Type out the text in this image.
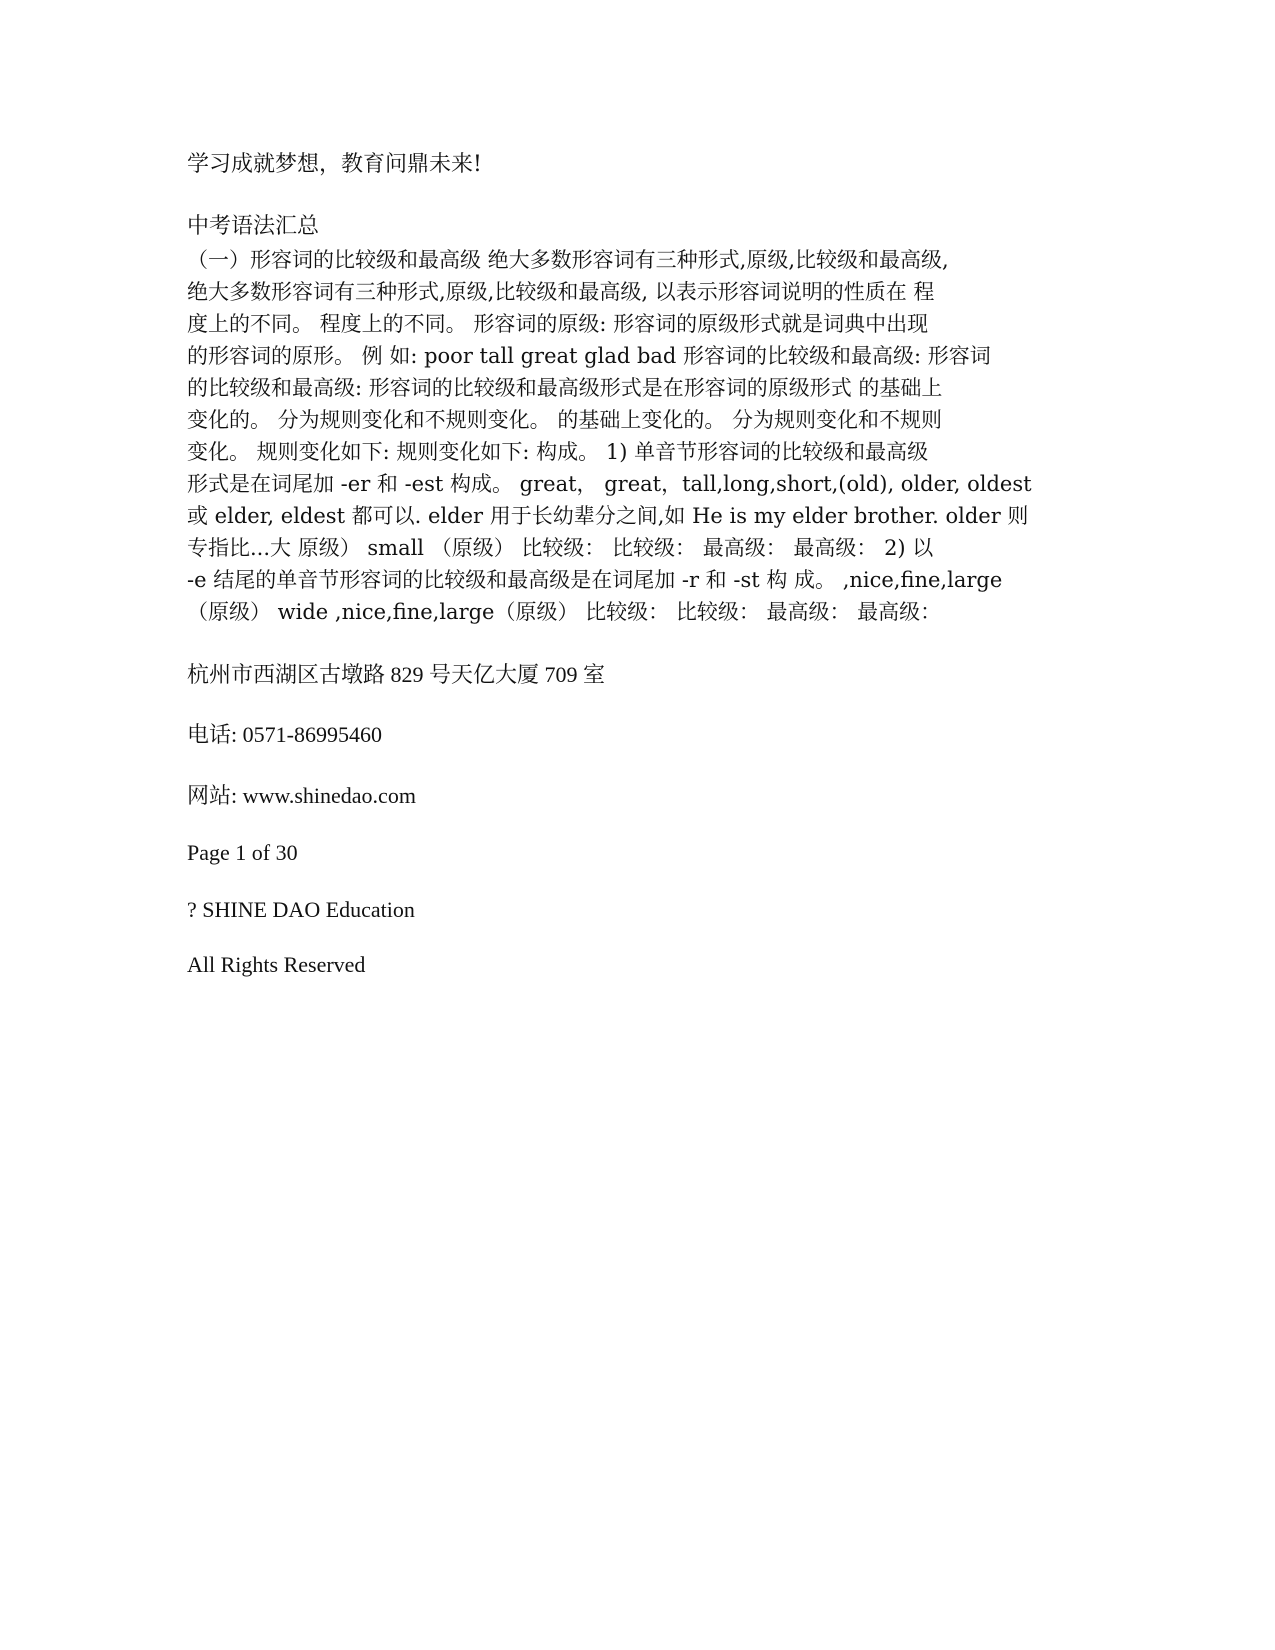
学习成就梦想，教育问鼎未来!
中考语法汇总
（一）形容词的比较级和最高级 绝大多数形容词有三种形式,原级,比较级和最高级,
绝大多数形容词有三种形式,原级,比较级和最高级, 以表示形容词说明的性质在 程
度上的不同。 程度上的不同。 形容词的原级: 形容词的原级形式就是词典中出现
的形容词的原形。 例 如: poor tall great glad bad 形容词的比较级和最高级: 形容词
的比较级和最高级: 形容词的比较级和最高级形式是在形容词的原级形式 的基础上
变化的。 分为规则变化和不规则变化。 的基础上变化的。 分为规则变化和不规则
变化。 规则变化如下: 规则变化如下: 构成。 1) 单音节形容词的比较级和最高级
形式是在词尾加 -er 和 -est 构成。 great， great，tall,long,short,(old), older, oldest
或 elder, eldest 都可以. elder 用于长幼辈分之间,如 He is my elder brother. older 则
专指比...大 原级） small （原级） 比较级： 比较级： 最高级： 最高级： 2) 以
-e 结尾的单音节形容词的比较级和最高级是在词尾加 -r 和 -st 构 成。 ,nice,fine,large
（原级） wide ,nice,fine,large（原级） 比较级： 比较级： 最高级： 最高级：
杭州市西湖区古墩路 829 号天亿大厦 709 室
电话: 0571-86995460
网站: www.shinedao.com
Page 1 of 30
? SHINE DAO Education
All Rights Reserved
